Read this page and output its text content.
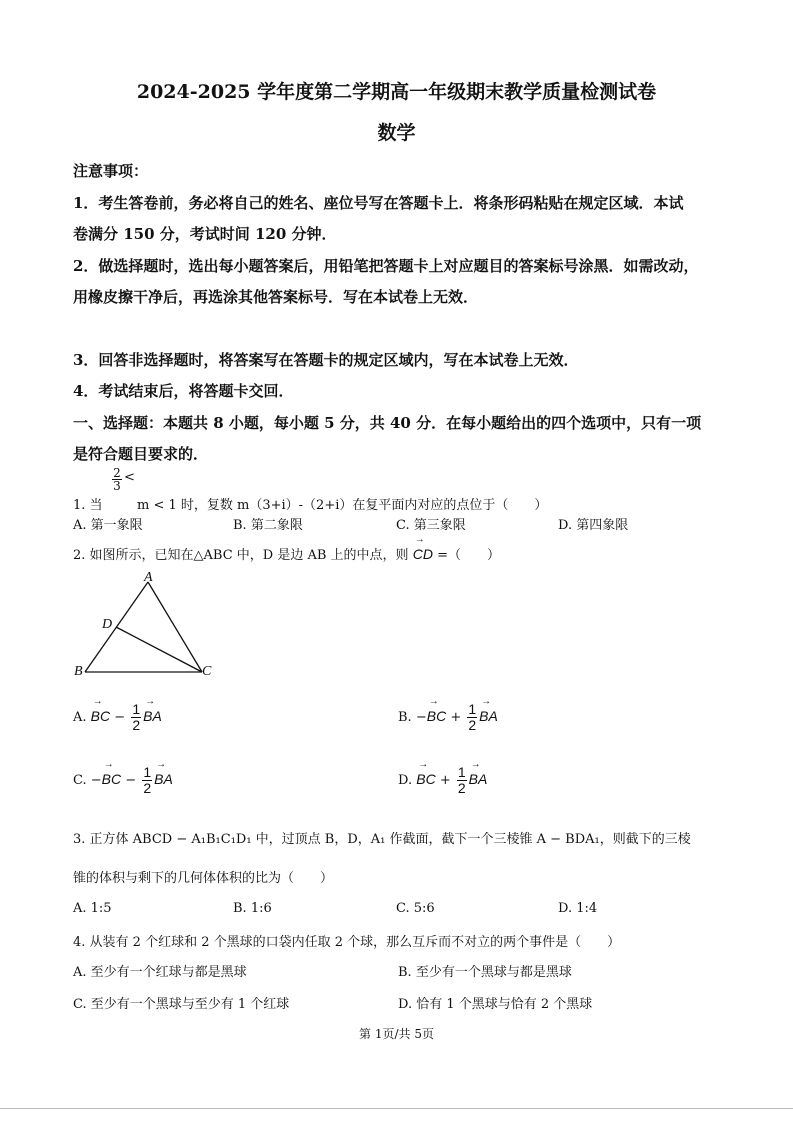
2024-2025 学年度第二学期高一年级期末教学质量检测试卷
数学
注意事项：
1．考生答卷前，务必将自己的姓名、座位号写在答题卡上．将条形码粘贴在规定区域．本试
卷满分 150 分，考试时间 120 分钟．
2．做选择题时，选出每小题答案后，用铅笔把答题卡上对应题目的答案标号涂黑．如需改动，
用橡皮擦干净后，再选涂其他答案标号．写在本试卷上无效．
3．回答非选择题时，将答案写在答题卡的规定区域内，写在本试卷上无效．
4．考试结束后，将答题卡交回．
一、选择题：本题共 8 小题，每小题 5 分，共 40 分．在每小题给出的四个选项中，只有一项
是符合题目要求的．
$\frac{2}{3}$ <
1. 当	m < 1 时，复数 m（3+i）-（2+i）在复平面内对应的点位于（　　）
A. 第一象限	B. 第二象限	C. 第三象限	D. 第四象限
2. 如图所示，已知在△ABC 中，D 是边 AB 上的中点，则 → CD =（　　）
A
D
B	C
A. → BC − $\frac{1}{2}$ → BA	B. −→ BC + $\frac{1}{2}$ → BA
C. −→ BC − $\frac{1}{2}$ → BA	D. → BC + $\frac{1}{2}$ → BA
3. 正方体 ABCD − A₁B₁C₁D₁ 中，过顶点 B，D，A₁ 作截面，截下一个三棱锥 A − BDA₁，则截下的三棱
锥的体积与剩下的几何体体积的比为（　　）
A. 1:5	B. 1:6	C. 5:6	D. 1:4
4. 从装有 2 个红球和 2 个黑球的口袋内任取 2 个球，那么互斥而不对立的两个事件是（　　）
A. 至少有一个红球与都是黑球	B. 至少有一个黑球与都是黑球
C. 至少有一个黑球与至少有 1 个红球	D. 恰有 1 个黑球与恰有 2 个黑球
第 1页/共 5页
